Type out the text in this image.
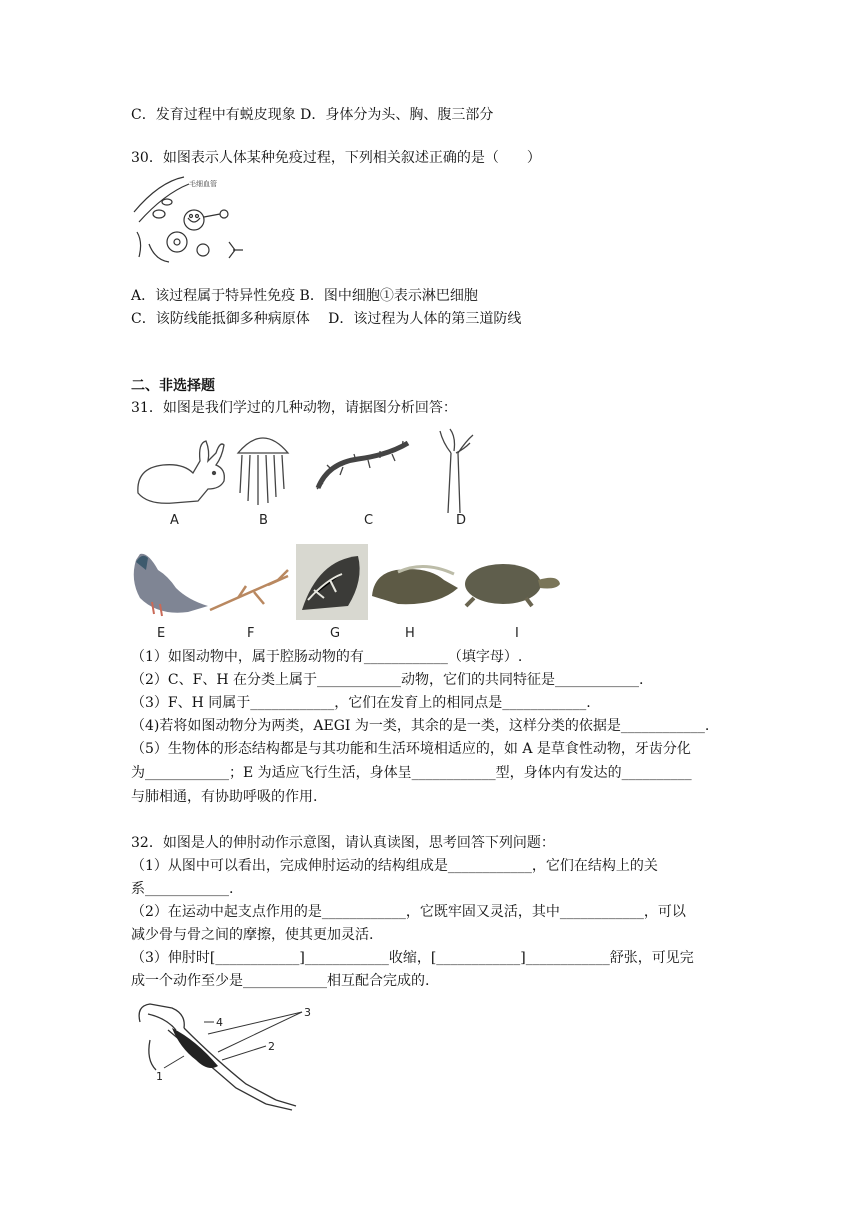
C．发育过程中有蜕皮现象 D．身体分为头、胸、腹三部分
30．如图表示人体某种免疫过程，下列相关叙述正确的是（　　）
毛细血管
A．该过程属于特异性免疫 B．图中细胞①表示淋巴细胞
C．该防线能抵御多种病原体　 D．该过程为人体的第三道防线
二、非选择题
31．如图是我们学过的几种动物，请据图分析回答：
A	B	C	D
E	F	G	H	I
（1）如图动物中，属于腔肠动物的有____________（填字母）.
（2）C、F、H 在分类上属于____________动物，它们的共同特征是____________.
（3）F、H 同属于____________，它们在发育上的相同点是____________.
（4)若将如图动物分为两类，AEGI 为一类，其余的是一类，这样分类的依据是____________.
（5）生物体的形态结构都是与其功能和生活环境相适应的，如 A 是草食性动物，牙齿分化
为____________；E 为适应飞行生活，身体呈____________型，身体内有发达的__________
与肺相通，有协助呼吸的作用.
32．如图是人的伸肘动作示意图，请认真读图，思考回答下列问题：
（1）从图中可以看出，完成伸肘运动的结构组成是____________，它们在结构上的关
系____________.
（2）在运动中起支点作用的是____________，它既牢固又灵活，其中____________，可以
减少骨与骨之间的摩擦，使其更加灵活.
（3）伸肘时[____________]____________收缩，[____________]____________舒张，可见完
成一个动作至少是____________相互配合完成的.
1
2
3
4
